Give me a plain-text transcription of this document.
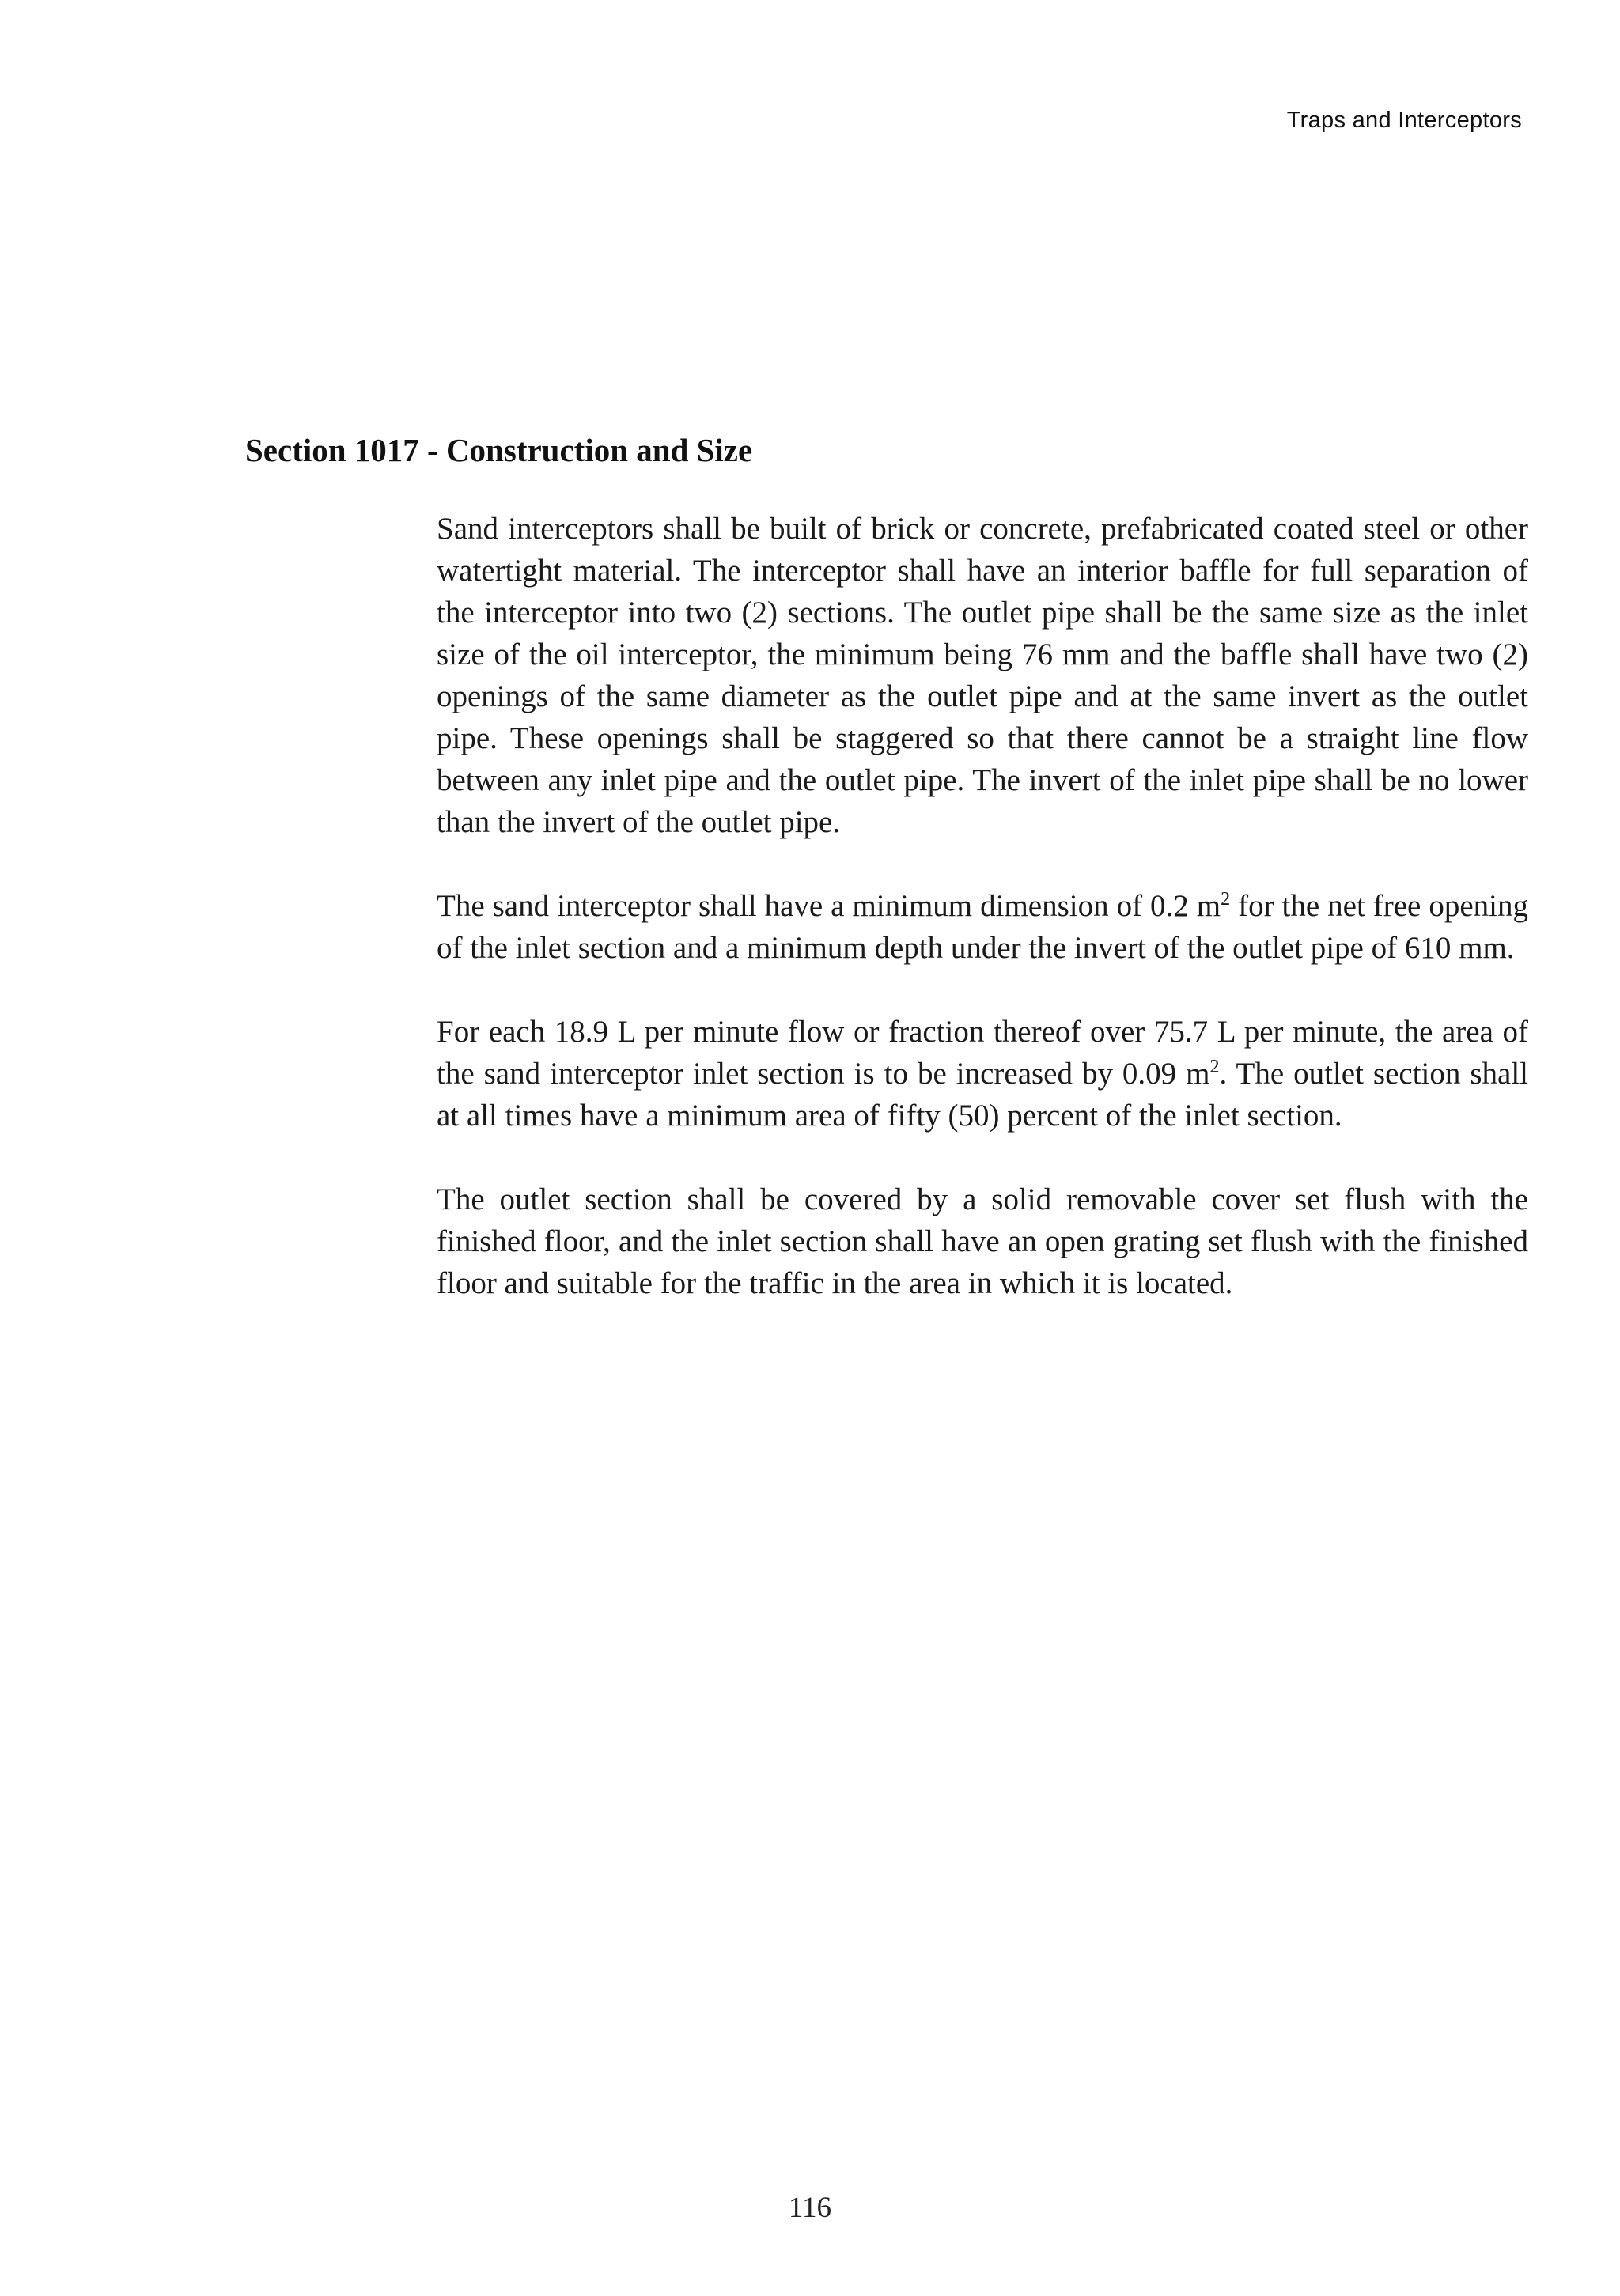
Traps and Interceptors
Section 1017 - Construction and Size

Sand interceptors shall be built of brick or concrete, prefabricated coated steel or other watertight material. The interceptor shall have an interior baffle for full separation of the interceptor into two (2) sections. The outlet pipe shall be the same size as the inlet size of the oil interceptor, the minimum being 76 mm and the baffle shall have two (2) openings of the same diameter as the outlet pipe and at the same invert as the outlet pipe. These openings shall be staggered so that there cannot be a straight line flow between any inlet pipe and the outlet pipe. The invert of the inlet pipe shall be no lower than the invert of the outlet pipe.

The sand interceptor shall have a minimum dimension of 0.2 $m^2$ for the net free opening of the inlet section and a minimum depth under the invert of the outlet pipe of 610 mm.

For each 18.9 L per minute flow or fraction thereof over 75.7 L per minute, the area of the sand interceptor inlet section is to be increased by 0.09 $m^2$. The outlet section shall at all times have a minimum area of fifty (50) percent of the inlet section.

The outlet section shall be covered by a solid removable cover set flush with the finished floor, and the inlet section shall have an open grating set flush with the finished floor and suitable for the traffic in the area in which it is located.

116
